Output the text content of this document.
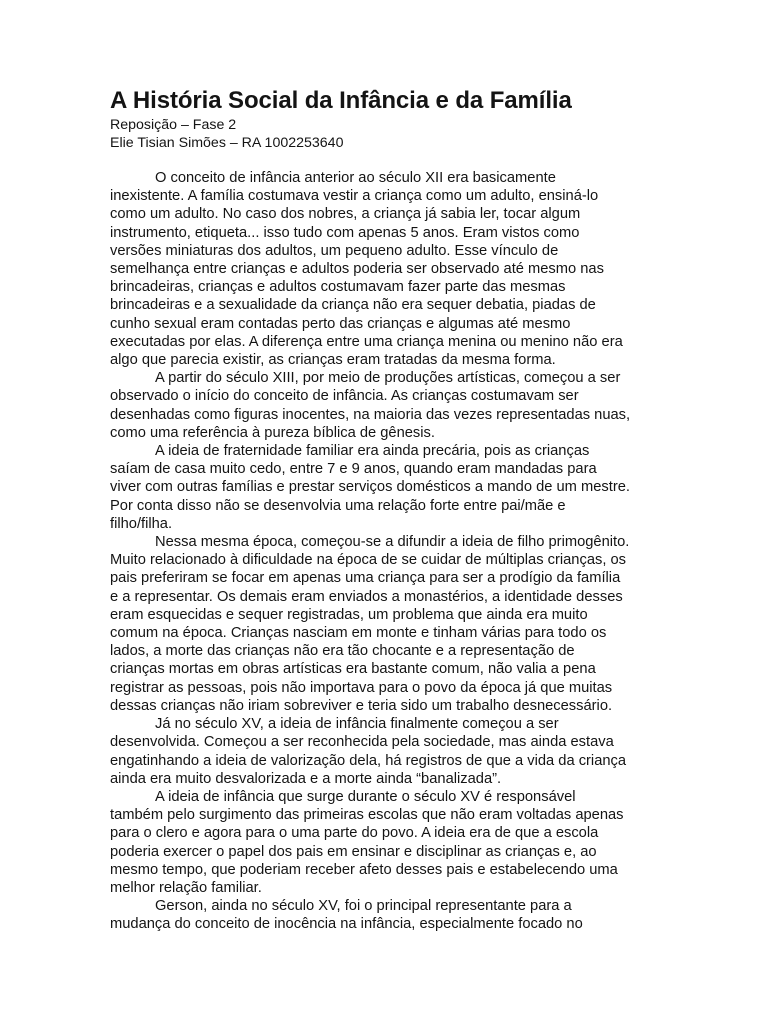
A História Social da Infância e da Família

Reposição – Fase 2

Elie Tisian Simões – RA 1002253640

O conceito de infância anterior ao século XII era basicamente
inexistente. A família costumava vestir a criança como um adulto, ensiná-lo
como um adulto. No caso dos nobres, a criança já sabia ler, tocar algum
instrumento, etiqueta... isso tudo com apenas 5 anos. Eram vistos como
versões miniaturas dos adultos, um pequeno adulto. Esse vínculo de
semelhança entre crianças e adultos poderia ser observado até mesmo nas
brincadeiras, crianças e adultos costumavam fazer parte das mesmas
brincadeiras e a sexualidade da criança não era sequer debatia, piadas de
cunho sexual eram contadas perto das crianças e algumas até mesmo
executadas por elas. A diferença entre uma criança menina ou menino não era
algo que parecia existir, as crianças eram tratadas da mesma forma.
A partir do século XIII, por meio de produções artísticas, começou a ser
observado o início do conceito de infância. As crianças costumavam ser
desenhadas como figuras inocentes, na maioria das vezes representadas nuas,
como uma referência à pureza bíblica de gênesis.
A ideia de fraternidade familiar era ainda precária, pois as crianças
saíam de casa muito cedo, entre 7 e 9 anos, quando eram mandadas para
viver com outras famílias e prestar serviços domésticos a mando de um mestre.
Por conta disso não se desenvolvia uma relação forte entre pai/mãe e
filho/filha.
Nessa mesma época, começou-se a difundir a ideia de filho primogênito.
Muito relacionado à dificuldade na época de se cuidar de múltiplas crianças, os
pais preferiram se focar em apenas uma criança para ser a prodígio da família
e a representar. Os demais eram enviados a monastérios, a identidade desses
eram esquecidas e sequer registradas, um problema que ainda era muito
comum na época. Crianças nasciam em monte e tinham várias para todo os
lados, a morte das crianças não era tão chocante e a representação de
crianças mortas em obras artísticas era bastante comum, não valia a pena
registrar as pessoas, pois não importava para o povo da época já que muitas
dessas crianças não iriam sobreviver e teria sido um trabalho desnecessário.
Já no século XV, a ideia de infância finalmente começou a ser
desenvolvida. Começou a ser reconhecida pela sociedade, mas ainda estava
engatinhando a ideia de valorização dela, há registros de que a vida da criança
ainda era muito desvalorizada e a morte ainda “banalizada”.
A ideia de infância que surge durante o século XV é responsável
também pelo surgimento das primeiras escolas que não eram voltadas apenas
para o clero e agora para o uma parte do povo. A ideia era de que a escola
poderia exercer o papel dos pais em ensinar e disciplinar as crianças e, ao
mesmo tempo, que poderiam receber afeto desses pais e estabelecendo uma
melhor relação familiar.
Gerson, ainda no século XV, foi o principal representante para a
mudança do conceito de inocência na infância, especialmente focado no
